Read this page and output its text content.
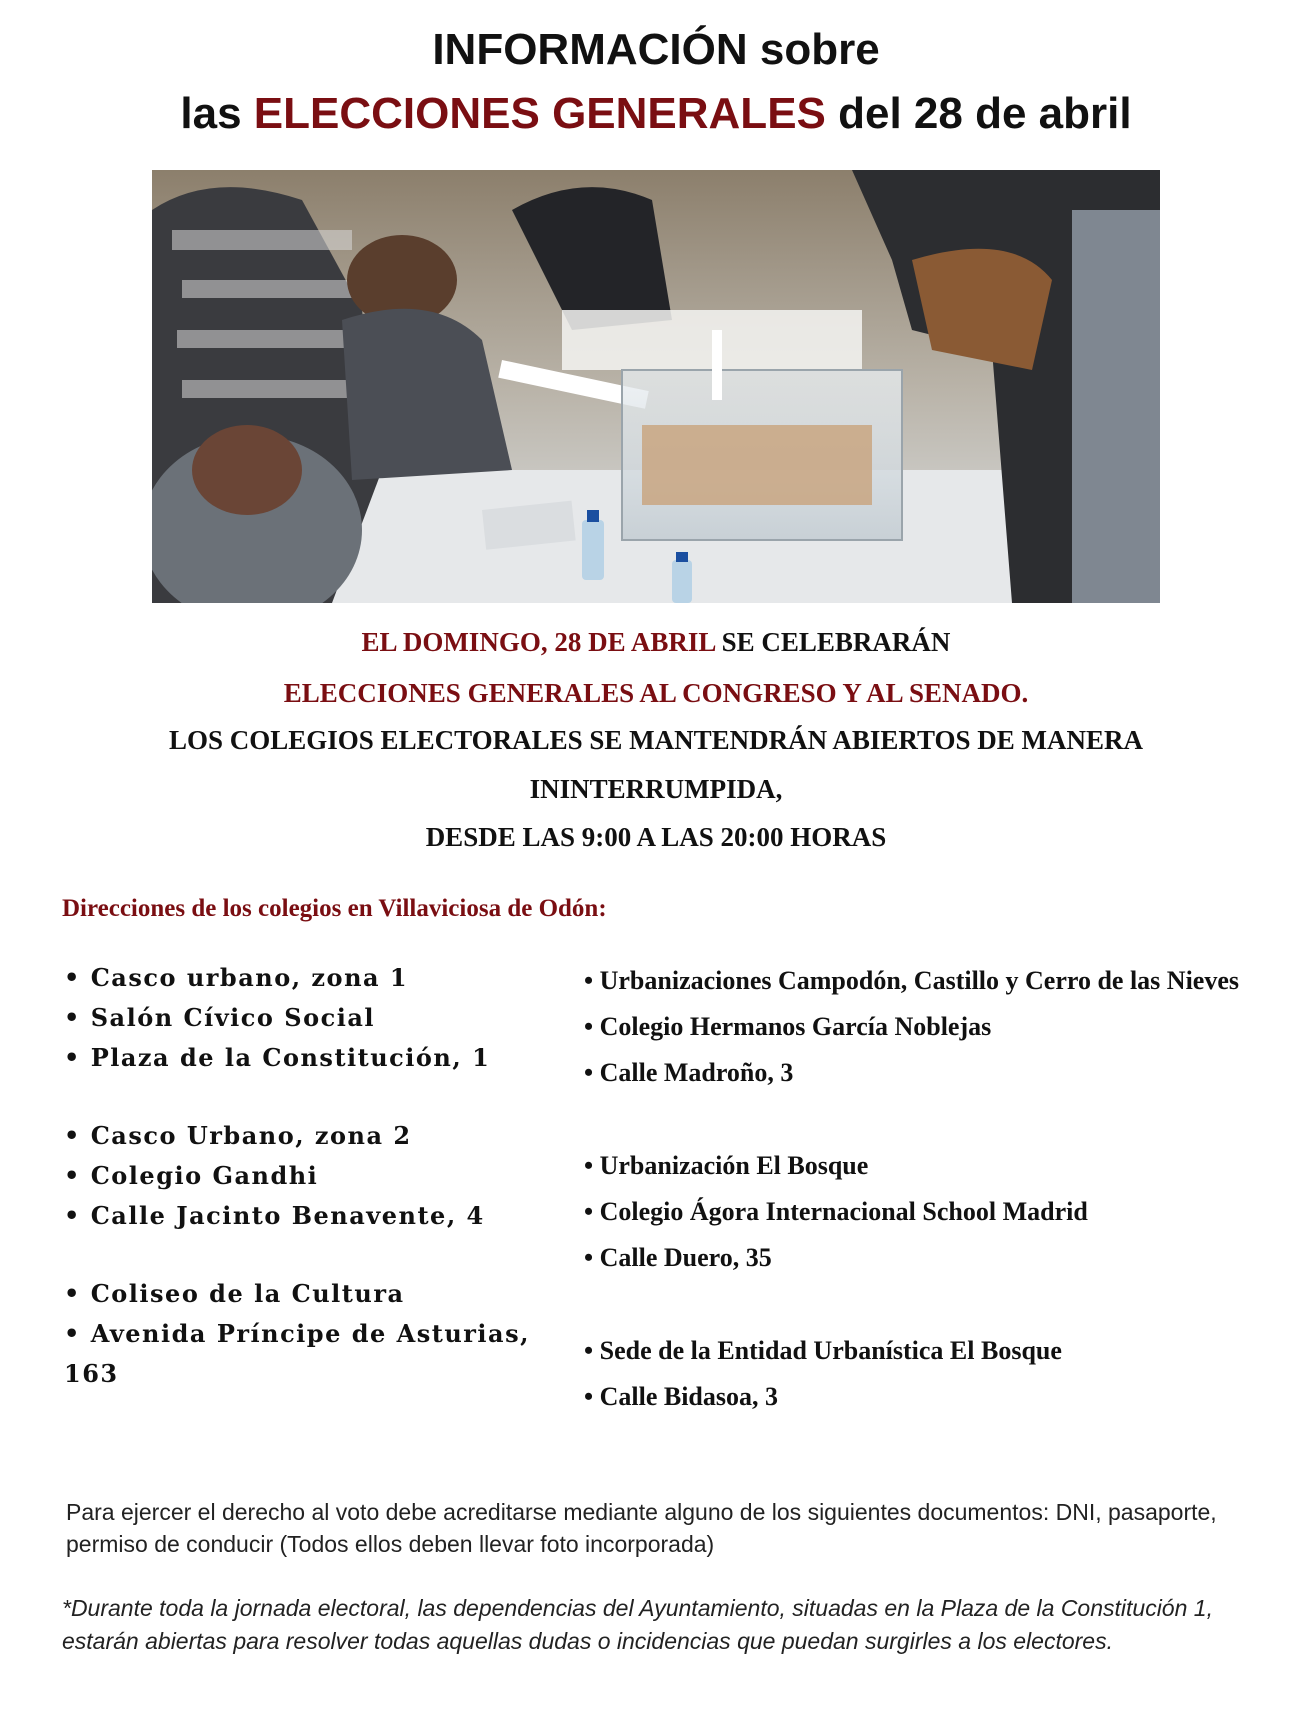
INFORMACIÓN sobre
las ELECCIONES GENERALES del 28 de abril

EL DOMINGO, 28 DE ABRIL SE CELEBRARÁN

ELECCIONES GENERALES AL CONGRESO Y AL SENADO.

LOS COLEGIOS ELECTORALES SE MANTENDRÁN ABIERTOS DE MANERA

ININTERRUMPIDA,

DESDE LAS 9:00 A LAS 20:00 HORAS

Direcciones de los colegios en Villaviciosa de Odón:

• Casco urbano, zona 1
• Salón Cívico Social
• Plaza de la Constitución, 1
• Casco Urbano, zona 2
• Colegio Gandhi
• Calle Jacinto Benavente, 4
• Coliseo de la Cultura
• Avenida Príncipe de Asturias, 163
• Urbanizaciones Campodón, Castillo y Cerro de las Nieves
• Colegio Hermanos García Noblejas
• Calle Madroño, 3
• Urbanización El Bosque
• Colegio Ágora Internacional School Madrid
• Calle Duero, 35
• Sede de la Entidad Urbanística El Bosque
• Calle Bidasoa, 3

Para ejercer el derecho al voto debe acreditarse mediante alguno de los siguientes documentos: DNI, pasaporte, permiso de conducir (Todos ellos deben llevar foto incorporada)

*Durante toda la jornada electoral, las dependencias del Ayuntamiento, situadas en la Plaza de la Constitución 1, estarán abiertas para resolver todas aquellas dudas o incidencias que puedan surgirles a los electores.
